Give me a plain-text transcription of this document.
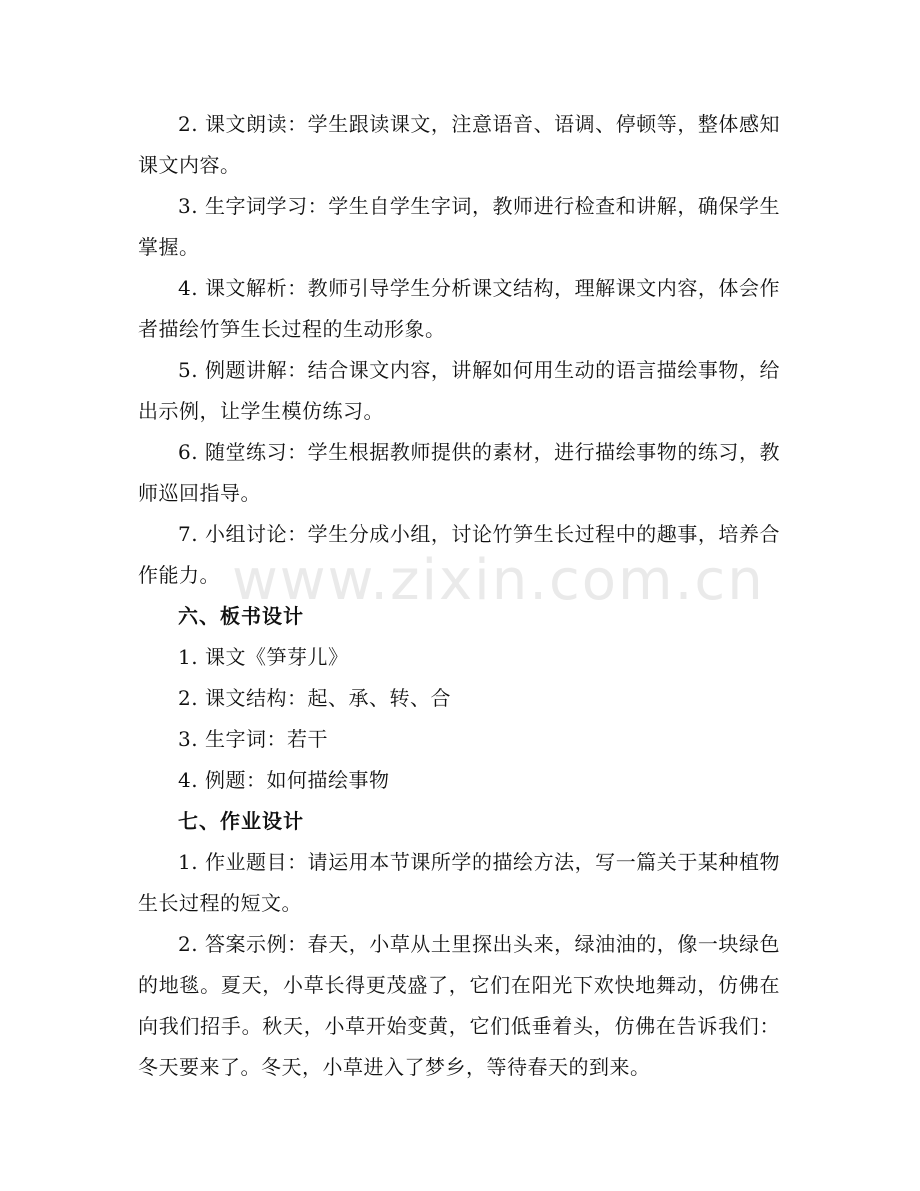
2. 课文朗读：学生跟读课文，注意语音、语调、停顿等，整体感知课文内容。

3. 生字词学习：学生自学生字词，教师进行检查和讲解，确保学生掌握。

4. 课文解析：教师引导学生分析课文结构，理解课文内容，体会作者描绘竹笋生长过程的生动形象。

5. 例题讲解：结合课文内容，讲解如何用生动的语言描绘事物，给出示例，让学生模仿练习。

6. 随堂练习：学生根据教师提供的素材，进行描绘事物的练习，教师巡回指导。

7. 小组讨论：学生分成小组，讨论竹笋生长过程中的趣事，培养合作能力。

六、板书设计

1. 课文《笋芽儿》

2. 课文结构：起、承、转、合

3. 生字词：若干

4. 例题：如何描绘事物

七、作业设计

1. 作业题目：请运用本节课所学的描绘方法，写一篇关于某种植物生长过程的短文。

2. 答案示例：春天，小草从土里探出头来，绿油油的，像一块绿色的地毯。夏天，小草长得更茂盛了，它们在阳光下欢快地舞动，仿佛在向我们招手。秋天，小草开始变黄，它们低垂着头，仿佛在告诉我们：冬天要来了。冬天，小草进入了梦乡，等待春天的到来。

www.zixin.com.cn
